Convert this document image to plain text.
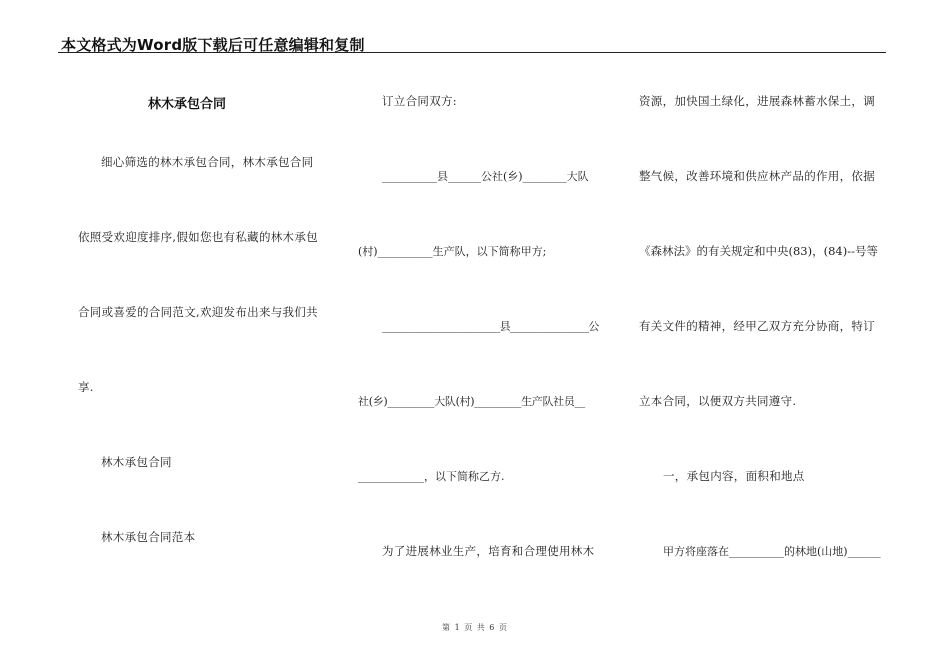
本文格式为Word版下载后可任意编辑和复制
林木承包合同
细心筛选的林木承包合同，林木承包合同
依照受欢迎度排序,假如您也有私藏的林木承包
合同或喜爱的合同范文,欢迎发布出来与我们共
享.
林木承包合同
林木承包合同范本
订立合同双方:
__________县______公社(乡)________大队
(村)__________生产队，以下简称甲方;
________________________县________________公
社(乡)_________大队(村)_________生产队社员__
____________，以下简称乙方.
为了进展林业生产，培育和合理使用林木
资源，加快国土绿化，进展森林蓄水保土，调
整气候，改善环境和供应林产品的作用，依据
《森林法》的有关规定和中央(83)，(84)--号等
有关文件的精神，经甲乙双方充分协商，特订
立本合同，以便双方共同遵守.
一，承包内容，面积和地点
甲方将座落在__________的林地(山地)______
第 1 页 共 6 页
